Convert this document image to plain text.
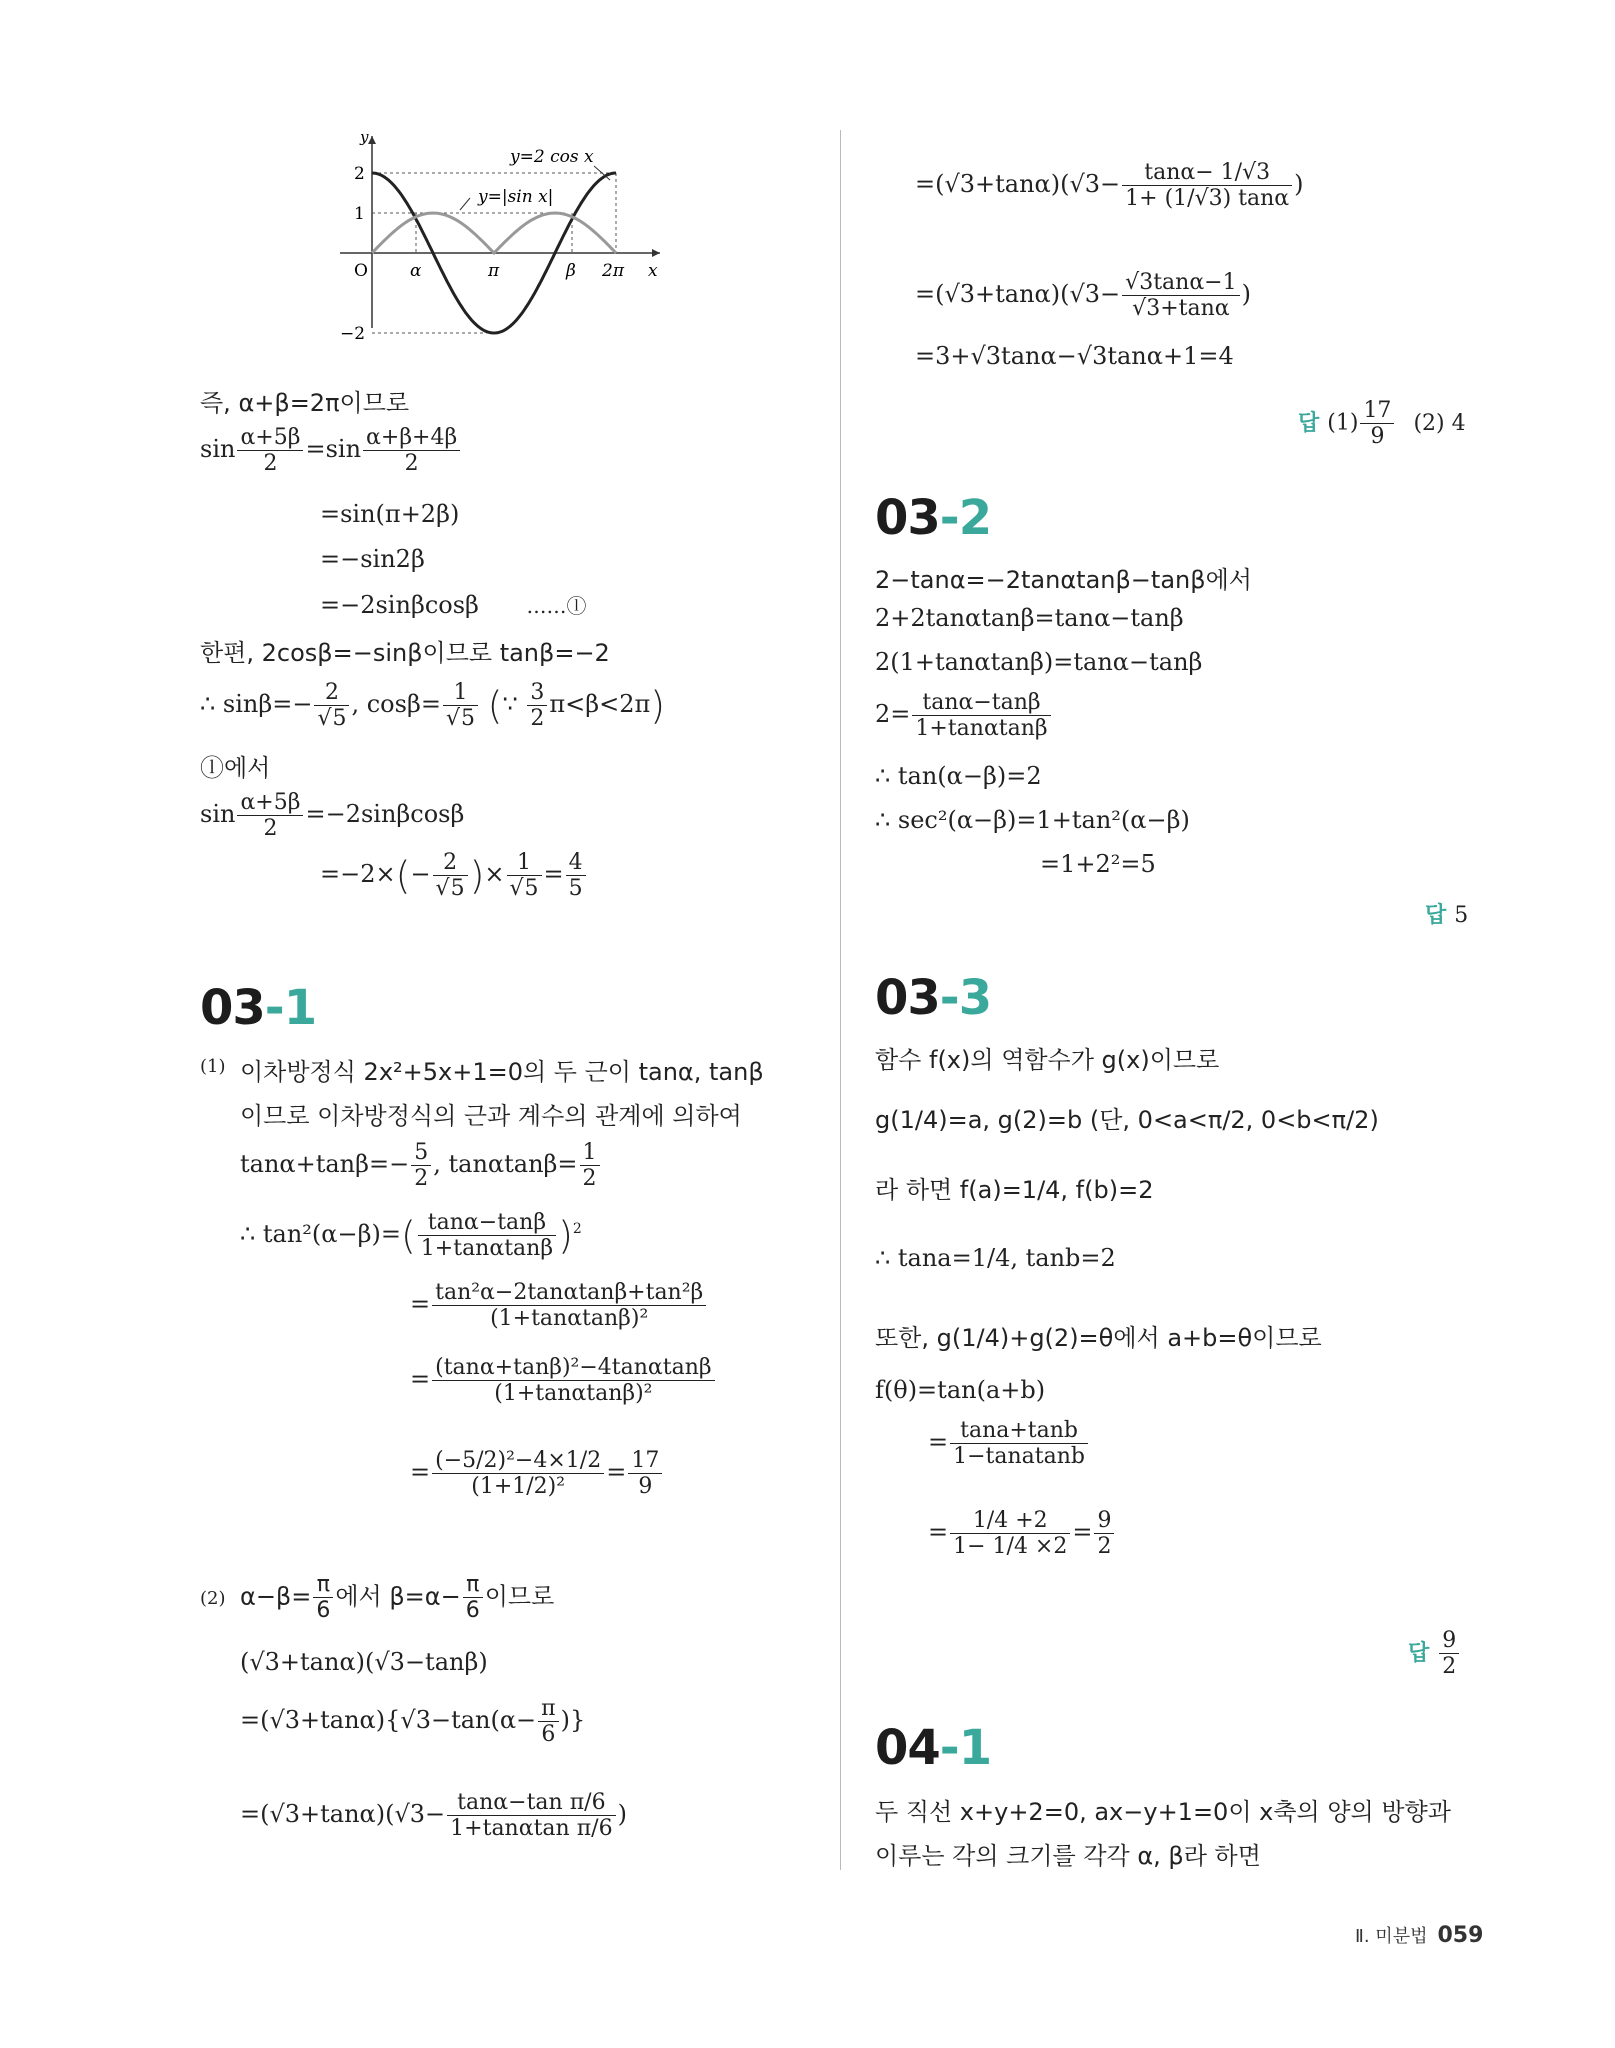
y
x
O
2
1
−2
α	π	β 2π
y=2 cos x
y=|sin x|
즉, α+β=2π이므로
$\sin \frac{\alpha+5\beta}{2} =\sin \frac{\alpha+\beta+4\beta}{2}$
=sin(π+2β)
=−sin2β
=−2sinβcosβ ……ⓛ
한편, 2cosβ=−sinβ이므로 tanβ=−2
∴ $\sin\beta=- \frac{2}{√5}$ , $\cos\beta= \frac{1}{√5}$ (∵ $\frac{3}{2} \pi<\beta<2\pi$)
ⓛ에서
$\sin \frac{\alpha+5\beta}{2} =-2\sin\beta\cos\beta$
$=-2\times(- \frac{2}{√5}$ )× $\frac{1}{√5} = \frac{4}{5}$
03-1
(1) 이차방정식 2x²+5x+1=0의 두 근이 tanα, tanβ
이므로 이차방정식의 근과 계수의 관계에 의하여
$\tan\alpha+\tan\beta=- \frac{5}{2}$ , $\tan\alpha\tan\beta= \frac{1}{2}$
∴ $\tan^2(\alpha-\beta)=( \frac{\tan\alpha-\tan\beta}{1+\tan\alpha\tan\beta} )^2$
= $\frac{\text{tan²α−2tanαtanβ+tan²β}}{\text{(1+tanαtanβ)²}}$
= $\frac{\text{(tanα+tanβ)²−4tanαtanβ}}{\text{(1+tanαtanβ)²}}$
= $\frac{\text{(−5/2)²−4×1/2}}{\text{(1+1/2)²}} = \frac{17}{9}$
(2) $\alpha-\beta= \frac{\pi}{6}$ 에서 $\beta=\alpha- \frac{\pi}{6}$ 이므로
(√3+tanα)(√3−tanβ)
$=(√3+\tan\alpha)\{√3-\tan(\alpha- \frac{\pi}{6}$ )}
$=(√3+\tan\alpha)(√3- \frac{\text{tanα−tan π/6}}{\text{1+tanαtan π/6}}$ )
$=(√3+\tan\alpha)(√3- \frac{\tan\alpha- 1/√3}{1+ (1/√3) \tan\alpha}$ )
$=(√3+\tan\alpha)(√3- \frac{√3\tan\alpha-1}{√3+\tan\alpha}$ )
=3+√3tanα−√3tanα+1=4
답 $(1) \frac{17}{9} (2)$ 4
03-2
2−tanα=−2tanαtanβ−tanβ에서
2+2tanαtanβ=tanα−tanβ
2(1+tanαtanβ)=tanα−tanβ
$2= \frac{\tan\alpha-\tan\beta}{1+\tan\alpha\tan\beta}$
∴ tan(α−β)=2
∴ sec²(α−β)=1+tan²(α−β)
=1+2²=5
답 5
03-3
함수 f(x)의 역함수가 g(x)이므로
g(1/4)=a, g(2)=b (단, 0<a<π/2, 0<b<π/2)
라 하면 f(a)=1/4, f(b)=2
∴ tana=1/4, tanb=2
또한, g(1/4)+g(2)=θ에서 a+b=θ이므로
f(θ)=tan(a+b)
= $\frac{\tan a+\tan b}{\text{1−tanatanb}}$
= $\frac{1/4 +2}{1- 1/4 \times 2} = \frac{9}{2}$
답 $\frac{9}{2}$
04-1
두 직선 x+y+2=0, ax−y+1=0이 x축의 양의 방향과
이루는 각의 크기를 각각 α, β라 하면
Ⅱ. 미분법 059
